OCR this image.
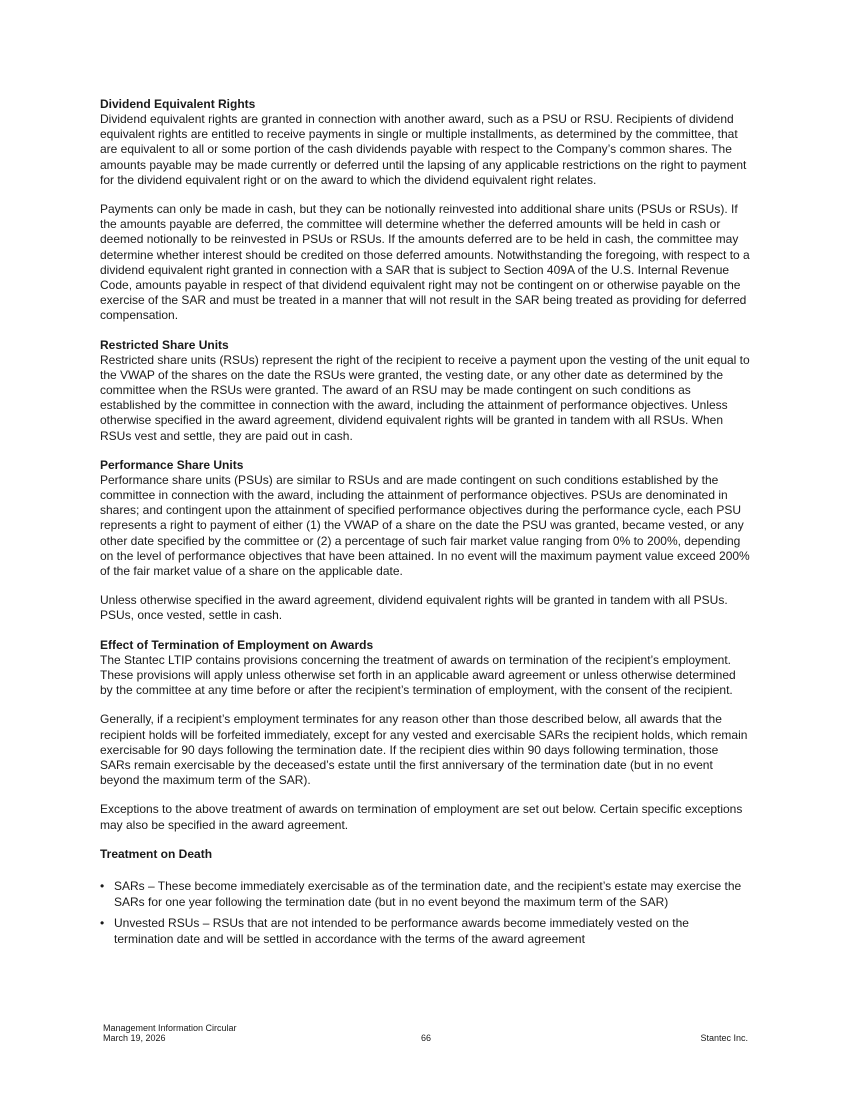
Dividend Equivalent Rights

Dividend equivalent rights are granted in connection with another award, such as a PSU or RSU. Recipients of dividend equivalent rights are entitled to receive payments in single or multiple installments, as determined by the committee, that are equivalent to all or some portion of the cash dividends payable with respect to the Company’s common shares. The amounts payable may be made currently or deferred until the lapsing of any applicable restrictions on the right to payment for the dividend equivalent right or on the award to which the dividend equivalent right relates.

Payments can only be made in cash, but they can be notionally reinvested into additional share units (PSUs or RSUs). If the amounts payable are deferred, the committee will determine whether the deferred amounts will be held in cash or deemed notionally to be reinvested in PSUs or RSUs. If the amounts deferred are to be held in cash, the committee may determine whether interest should be credited on those deferred amounts. Notwithstanding the foregoing, with respect to a dividend equivalent right granted in connection with a SAR that is subject to Section 409A of the U.S. Internal Revenue Code, amounts payable in respect of that dividend equivalent right may not be contingent on or otherwise payable on the exercise of the SAR and must be treated in a manner that will not result in the SAR being treated as providing for deferred compensation.

Restricted Share Units

Restricted share units (RSUs) represent the right of the recipient to receive a payment upon the vesting of the unit equal to the VWAP of the shares on the date the RSUs were granted, the vesting date, or any other date as determined by the committee when the RSUs were granted. The award of an RSU may be made contingent on such conditions as established by the committee in connection with the award, including the attainment of performance objectives. Unless otherwise specified in the award agreement, dividend equivalent rights will be granted in tandem with all RSUs. When RSUs vest and settle, they are paid out in cash.

Performance Share Units

Performance share units (PSUs) are similar to RSUs and are made contingent on such conditions established by the committee in connection with the award, including the attainment of performance objectives. PSUs are denominated in shares; and contingent upon the attainment of specified performance objectives during the performance cycle, each PSU represents a right to payment of either (1) the VWAP of a share on the date the PSU was granted, became vested, or any other date specified by the committee or (2) a percentage of such fair market value ranging from 0% to 200%, depending on the level of performance objectives that have been attained. In no event will the maximum payment value exceed 200% of the fair market value of a share on the applicable date.

Unless otherwise specified in the award agreement, dividend equivalent rights will be granted in tandem with all PSUs. PSUs, once vested, settle in cash.

Effect of Termination of Employment on Awards

The Stantec LTIP contains provisions concerning the treatment of awards on termination of the recipient’s employment. These provisions will apply unless otherwise set forth in an applicable award agreement or unless otherwise determined by the committee at any time before or after the recipient’s termination of employment, with the consent of the recipient.

Generally, if a recipient’s employment terminates for any reason other than those described below, all awards that the recipient holds will be forfeited immediately, except for any vested and exercisable SARs the recipient holds, which remain exercisable for 90 days following the termination date. If the recipient dies within 90 days following termination, those SARs remain exercisable by the deceased’s estate until the first anniversary of the termination date (but in no event beyond the maximum term of the SAR).

Exceptions to the above treatment of awards on termination of employment are set out below. Certain specific exceptions may also be specified in the award agreement.

Treatment on Death

• SARs – These become immediately exercisable as of the termination date, and the recipient’s estate may exercise the SARs for one year following the termination date (but in no event beyond the maximum term of the SAR)
• Unvested RSUs – RSUs that are not intended to be performance awards become immediately vested on the termination date and will be settled in accordance with the terms of the award agreement
Management Information Circular
March 19, 2026	66	Stantec Inc.
